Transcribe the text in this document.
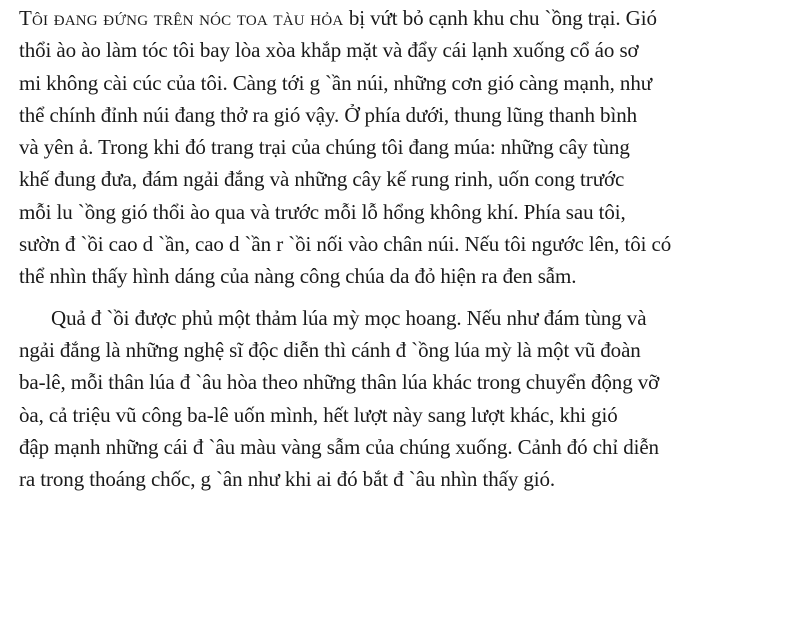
Tôi đang đứng trên nóc toa tàu hỏa bị vứt bỏ cạnh khu chu `ồng trại. Gió
thổi ào ào làm tóc tôi bay lòa xòa khắp mặt và đẩy cái lạnh xuống cổ áo sơ
mi không cài cúc của tôi. Càng tới g `ần núi, những cơn gió càng mạnh, như
thể chính đỉnh núi đang thở ra gió vậy. Ở phía dưới, thung lũng thanh bình
và yên ả. Trong khi đó trang trại của chúng tôi đang múa: những cây tùng
khế đung đưa, đám ngải đắng và những cây kế rung rinh, uốn cong trước
mỗi lu `ồng gió thổi ào qua và trước mỗi lỗ hổng không khí. Phía sau tôi,
sườn đ `ồi cao d `ần, cao d `ần r `ồi nối vào chân núi. Nếu tôi ngước lên, tôi có
thể nhìn thấy hình dáng của nàng công chúa da đỏ hiện ra đen sẫm.
Quả đ `ồi được phủ một thảm lúa mỳ mọc hoang. Nếu như đám tùng và
ngải đắng là những nghệ sĩ độc diễn thì cánh đ `ồng lúa mỳ là một vũ đoàn
ba-lê, mỗi thân lúa đ `âu hòa theo những thân lúa khác trong chuyển động vỡ
òa, cả triệu vũ công ba-lê uốn mình, hết lượt này sang lượt khác, khi gió
đập mạnh những cái đ `âu màu vàng sẫm của chúng xuống. Cảnh đó chỉ diễn
ra trong thoáng chốc, g `ân như khi ai đó bắt đ `âu nhìn thấy gió.
